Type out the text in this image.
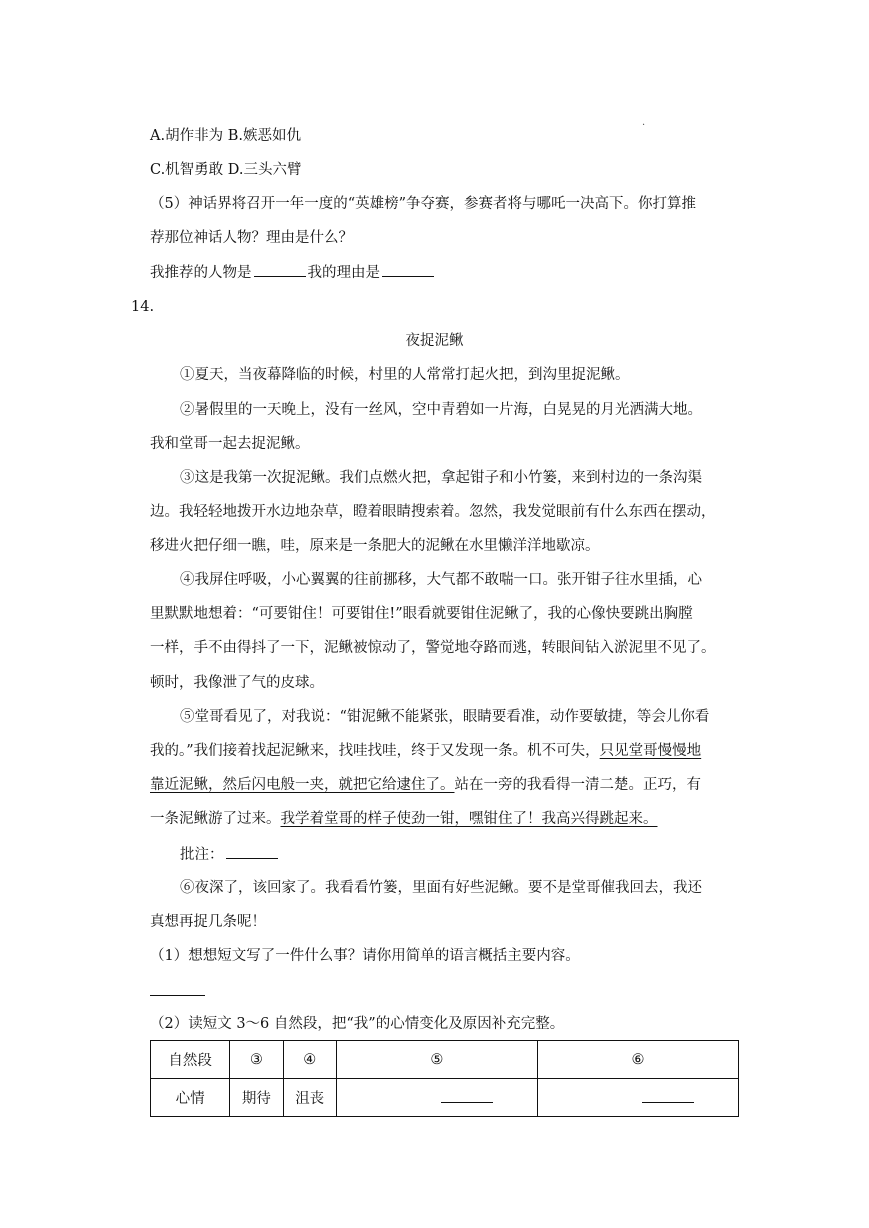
·
A.胡作非为 B.嫉恶如仇
C.机智勇敢 D.三头六臂
（5）神话界将召开一年一度的“英雄榜”争夺赛，参赛者将与哪吒一决高下。你打算推
荐那位神话人物？理由是什么？
我推荐的人物是	我的理由是
14.
夜捉泥鳅
①夏天，当夜幕降临的时候，村里的人常常打起火把，到沟里捉泥鳅。
②暑假里的一天晚上，没有一丝风，空中青碧如一片海，白晃晃的月光洒满大地。
我和堂哥一起去捉泥鳅。
③这是我第一次捉泥鳅。我们点燃火把，拿起钳子和小竹篓，来到村边的一条沟渠
边。我轻轻地拨开水边地杂草，瞪着眼睛搜索着。忽然，我发觉眼前有什么东西在摆动，
移进火把仔细一瞧，哇，原来是一条肥大的泥鳅在水里懒洋洋地歇凉。
④我屏住呼吸，小心翼翼的往前挪移，大气都不敢喘一口。张开钳子往水里插，心
里默默地想着：“可要钳住！可要钳住!”眼看就要钳住泥鳅了，我的心像快要跳出胸膛
一样，手不由得抖了一下，泥鳅被惊动了，警觉地夺路而逃，转眼间钻入淤泥里不见了。
顿时，我像泄了气的皮球。
⑤堂哥看见了，对我说：“钳泥鳅不能紧张，眼睛要看准，动作要敏捷，等会儿你看
我的。”我们接着找起泥鳅来，找哇找哇，终于又发现一条。机不可失，只见堂哥慢慢地
靠近泥鳅，然后闪电般一夹，就把它给逮住了。站在一旁的我看得一清二楚。正巧，有
一条泥鳅游了过来。我学着堂哥的样子使劲一钳，嘿钳住了！我高兴得跳起来。
批注：
⑥夜深了，该回家了。我看看竹篓，里面有好些泥鳅。要不是堂哥催我回去，我还
真想再捉几条呢！
（1）想想短文写了一件什么事？请你用简单的语言概括主要内容。
（2）读短文 3～6 自然段，把“我”的心情变化及原因补充完整。
自然段	③	④	⑤	⑥
心情	期待	沮丧		
